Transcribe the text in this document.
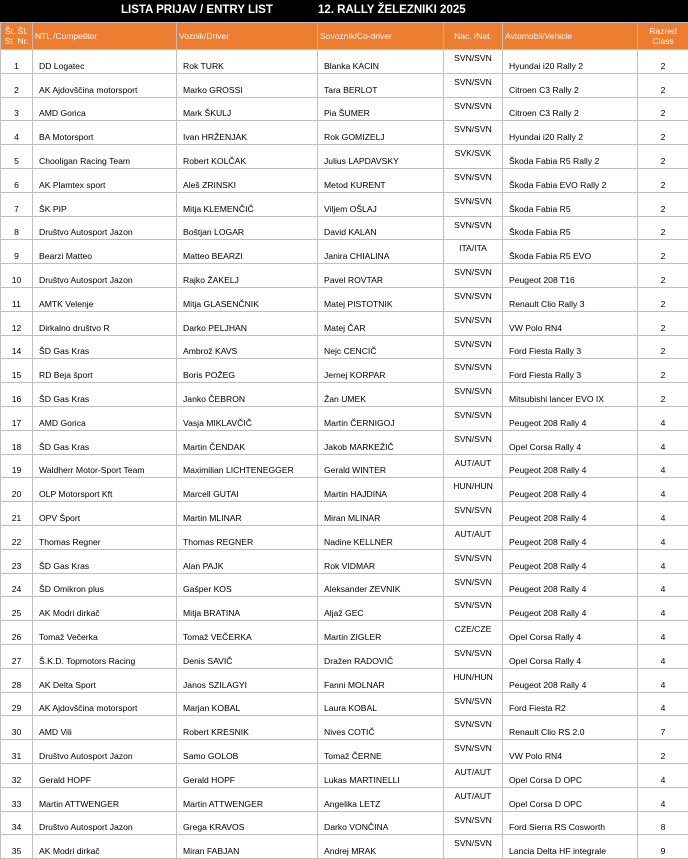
LISTA PRIJAV / ENTRY LIST	12. RALLY ŽELEZNIKI 2025
Št. Št. St. Nr.	NTL /Competitor	Voznik/Driver	Sovoznik/Co-driver	Nac. /Nat.	Avtomobil/Vehicle	Razred Class
1	DD Logatec	Rok TURK	Blanka KACIN	SVN/SVN	Hyundai i20 Rally 2	2
2	AK Ajdovščina motorsport	Marko GROSSI	Tara BERLOT	SVN/SVN	Citroen C3 Rally 2	2
3	AMD Gorica	Mark ŠKULJ	Pia ŠUMER	SVN/SVN	Citroen C3 Rally 2	2
4	BA Motorsport	Ivan HRŽENJAK	Rok GOMIZELJ	SVN/SVN	Hyundai i20 Rally 2	2
5	Chooligan Racing Team	Robert KOLČAK	Julius LAPDAVSKY	SVK/SVK	Škoda Fabia R5 Rally 2	2
6	AK Plamtex sport	Aleš ZRINSKI	Metod KURENT	SVN/SVN	Škoda Fabia EVO Rally 2	2
7	ŠK PIP	Mitja KLEMENČIČ	Viljem OŠLAJ	SVN/SVN	Škoda Fabia R5	2
8	Društvo Autosport Jazon	Boštjan LOGAR	David KALAN	SVN/SVN	Škoda Fabia R5	2
9	Bearzi Matteo	Matteo BEARZI	Janira CHIALINA	ITA/ITA	Škoda Fabia R5 EVO	2
10	Društvo Autosport Jazon	Rajko ŽAKELJ	Pavel ROVTAR	SVN/SVN	Peugeot 208 T16	2
11	AMTK Velenje	Mitja GLASENČNIK	Matej PISTOTNIK	SVN/SVN	Renault Clio Rally 3	2
12	Dirkalno društvo R	Darko PELJHAN	Matej ČAR	SVN/SVN	VW Polo RN4	2
14	ŠD Gas Kras	Ambrož KAVS	Nejc CENCIČ	SVN/SVN	Ford Fiesta Rally 3	2
15	RD Beja šport	Boris POŽEG	Jernej KORPAR	SVN/SVN	Ford Fiesta Rally 3	2
16	ŠD Gas Kras	Janko ČEBRON	Žan UMEK	SVN/SVN	Mitsubishi lancer EVO IX	2
17	AMD Gorica	Vasja MIKLAVČIČ	Martin ČERNIGOJ	SVN/SVN	Peugeot 208 Rally 4	4
18	ŠD Gas Kras	Martin ČENDAK	Jakob MARKEŽIČ	SVN/SVN	Opel Corsa Rally 4	4
19	Waldherr Motor-Sport Team	Maximilian LICHTENEGGER	Gerald WINTER	AUT/AUT	Peugeot 208 Rally 4	4
20	OLP Motorsport Kft	Marcell GUTAI	Martin HAJDINA	HUN/HUN	Peugeot 208 Rally 4	4
21	OPV Šport	Martin MLINAR	Miran MLINAR	SVN/SVN	Peugeot 208 Rally 4	4
22	Thomas Regner	Thomas REGNER	Nadine KELLNER	AUT/AUT	Peugeot 208 Rally 4	4
23	ŠD Gas Kras	Alan PAJK	Rok VIDMAR	SVN/SVN	Peugeot 208 Rally 4	4
24	ŠD Omikron plus	Gašper KOS	Aleksander ZEVNIK	SVN/SVN	Peugeot 208 Rally 4	4
25	AK Modri dirkač	Mitja BRATINA	Aljaž GEC	SVN/SVN	Peugeot 208 Rally 4	4
26	Tomaž Večerka	Tomaž VEČERKA	Martin ZIGLER	CZE/CZE	Opel Corsa Rally 4	4
27	Š.K.D. Topmotors Racing	Denis SAVIČ	Dražen RADOVIČ	SVN/SVN	Opel Corsa Rally 4	4
28	AK Delta Sport	Janos SZILAGYI	Fanni MOLNAR	HUN/HUN	Peugeot 208 Rally 4	4
29	AK Ajdovščina motorsport	Marjan KOBAL	Laura KOBAL	SVN/SVN	Ford Fiesta R2	4
30	AMD Vili	Robert KRESNIK	Nives COTIČ	SVN/SVN	Renault Clio RS 2.0	7
31	Društvo Autosport Jazon	Samo GOLOB	Tomaž ČERNE	SVN/SVN	VW Polo RN4	2
32	Gerald HOPF	Gerald HOPF	Lukas MARTINELLI	AUT/AUT	Opel Corsa D OPC	4
33	Martin ATTWENGER	Martin ATTWENGER	Angelika LETZ	AUT/AUT	Opel Corsa D OPC	4
34	Društvo Autosport Jazon	Grega KRAVOS	Darko VONČINA	SVN/SVN	Ford Sierra RS Cosworth	8
35	AK Modri dirkač	Miran FABJAN	Andrej MRAK	SVN/SVN	Lancia Delta HF integrale	9
